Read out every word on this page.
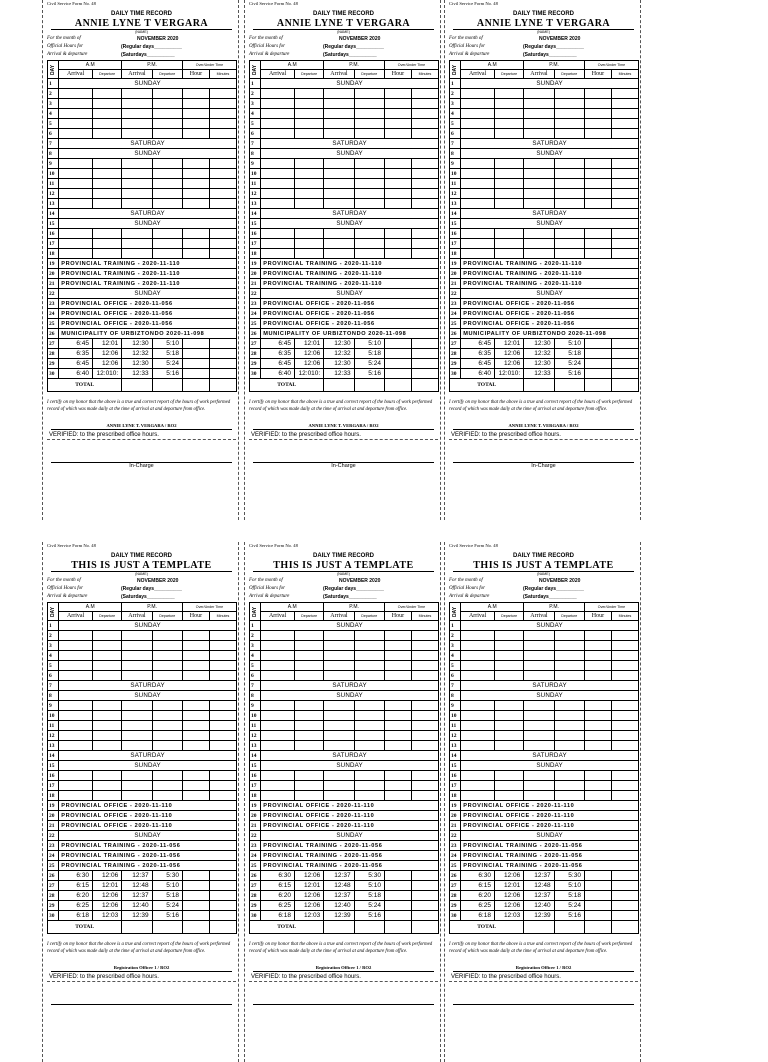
Civil Service Form No. 48
DAILY TIME RECORD
ANNIE LYNE T VERGARA
(NAME)
For the month of	NOVEMBER 2020
Official Hours for	(Regular days__________
Arrival & departure	(Saturdays__________
DAY	A.M		P.M.		Over/Under Time	
	Arrival	Departure	Arrival	Departure	Hour	Minutes
1	SUNDAY					
2						
3						
4						
5						
6						
7	SATURDAY					
8	SUNDAY					
9						
10						
11						
12						
13						
14	SATURDAY					
15	SUNDAY					
16						
17						
18						
19	PROVINCIAL TRAINING - 2020-11-110					
20	PROVINCIAL TRAINING - 2020-11-110					
21	PROVINCIAL TRAINING - 2020-11-110					
22	SUNDAY					
23	PROVINCIAL OFFICE - 2020-11-056					
24	PROVINCIAL OFFICE - 2020-11-056					
25	PROVINCIAL OFFICE - 2020-11-056					
26	MUNICIPALITY OF URBIZTONDO 2020-11-098					
27	6:45	12:01	12:30	5:10		
28	6:35	12:06	12:32	5:18		
29	6:45	12:06	12:30	5:24		
30	6:40	12:010:	12:33	5:16		
TOTAL						
I certify on my honor that the above is a true and correct report of the hours of work performed record of which was made daily at the time of arrival at and departure from office.
ANNIE LYNE T. VERGARA / RO2
VERIFIED: to the prescribed office hours.
In-Charge
Civil Service Form No. 48
DAILY TIME RECORD
ANNIE LYNE T VERGARA
(NAME)
For the month of	NOVEMBER 2020
Official Hours for	(Regular days__________
Arrival & departure	(Saturdays__________
DAY	A.M		P.M.		Over/Under Time	
	Arrival	Departure	Arrival	Departure	Hour	Minutes
1	SUNDAY					
2						
3						
4						
5						
6						
7	SATURDAY					
8	SUNDAY					
9						
10						
11						
12						
13						
14	SATURDAY					
15	SUNDAY					
16						
17						
18						
19	PROVINCIAL TRAINING - 2020-11-110					
20	PROVINCIAL TRAINING - 2020-11-110					
21	PROVINCIAL TRAINING - 2020-11-110					
22	SUNDAY					
23	PROVINCIAL OFFICE - 2020-11-056					
24	PROVINCIAL OFFICE - 2020-11-056					
25	PROVINCIAL OFFICE - 2020-11-056					
26	MUNICIPALITY OF URBIZTONDO 2020-11-098					
27	6:45	12:01	12:30	5:10		
28	6:35	12:06	12:32	5:18		
29	6:45	12:06	12:30	5:24		
30	6:40	12:010:	12:33	5:16		
TOTAL						
I certify on my honor that the above is a true and correct report of the hours of work performed record of which was made daily at the time of arrival at and departure from office.
ANNIE LYNE T. VERGARA / RO2
VERIFIED: to the prescribed office hours.
In-Charge
Civil Service Form No. 48
DAILY TIME RECORD
ANNIE LYNE T VERGARA
(NAME)
For the month of	NOVEMBER 2020
Official Hours for	(Regular days__________
Arrival & departure	(Saturdays__________
DAY	A.M		P.M.		Over/Under Time	
	Arrival	Departure	Arrival	Departure	Hour	Minutes
1	SUNDAY					
2						
3						
4						
5						
6						
7	SATURDAY					
8	SUNDAY					
9						
10						
11						
12						
13						
14	SATURDAY					
15	SUNDAY					
16						
17						
18						
19	PROVINCIAL TRAINING - 2020-11-110					
20	PROVINCIAL TRAINING - 2020-11-110					
21	PROVINCIAL TRAINING - 2020-11-110					
22	SUNDAY					
23	PROVINCIAL OFFICE - 2020-11-056					
24	PROVINCIAL OFFICE - 2020-11-056					
25	PROVINCIAL OFFICE - 2020-11-056					
26	MUNICIPALITY OF URBIZTONDO 2020-11-098					
27	6:45	12:01	12:30	5:10		
28	6:35	12:06	12:32	5:18		
29	6:45	12:06	12:30	5:24		
30	6:40	12:010:	12:33	5:16		
TOTAL						
I certify on my honor that the above is a true and correct report of the hours of work performed record of which was made daily at the time of arrival at and departure from office.
ANNIE LYNE T. VERGARA / RO2
VERIFIED: to the prescribed office hours.
In-Charge
Civil Service Form No. 48
DAILY TIME RECORD
THIS IS JUST A TEMPLATE
(NAME)
For the month of	NOVEMBER 2020
Official Hours for	(Regular days__________
Arrival & departure	(Saturdays__________
DAY	A.M		P.M.		Over/Under Time	
	Arrival	Departure	Arrival	Departure	Hour	Minutes
1	SUNDAY					
2						
3						
4						
5						
6						
7	SATURDAY					
8	SUNDAY					
9						
10						
11						
12						
13						
14	SATURDAY					
15	SUNDAY					
16						
17						
18						
19	PROVINCIAL OFFICE - 2020-11-110					
20	PROVINCIAL OFFICE - 2020-11-110					
21	PROVINCIAL OFFICE - 2020-11-110					
22	SUNDAY					
23	PROVINCIAL TRAINING - 2020-11-056					
24	PROVINCIAL TRAINING - 2020-11-056					
25	PROVINCIAL TRAINING - 2020-11-056					
26	6:30	12:06	12:37	5:30		
27	6:15	12:01	12:48	5:10		
28	6:20	12:06	12:37	5:18		
29	6:25	12:06	12:40	5:24		
30	6:18	12:03	12:39	5:16		
TOTAL						
I certify on my honor that the above is a true and correct report of the hours of work performed record of which was made daily at the time of arrival at and departure from office.
Registration Officer 1 / RO2
VERIFIED: to the prescribed office hours.
Civil Service Form No. 48
DAILY TIME RECORD
THIS IS JUST A TEMPLATE
(NAME)
For the month of	NOVEMBER 2020
Official Hours for	(Regular days__________
Arrival & departure	(Saturdays__________
DAY	A.M		P.M.		Over/Under Time	
	Arrival	Departure	Arrival	Departure	Hour	Minutes
1	SUNDAY					
2						
3						
4						
5						
6						
7	SATURDAY					
8	SUNDAY					
9						
10						
11						
12						
13						
14	SATURDAY					
15	SUNDAY					
16						
17						
18						
19	PROVINCIAL OFFICE - 2020-11-110					
20	PROVINCIAL OFFICE - 2020-11-110					
21	PROVINCIAL OFFICE - 2020-11-110					
22	SUNDAY					
23	PROVINCIAL TRAINING - 2020-11-056					
24	PROVINCIAL TRAINING - 2020-11-056					
25	PROVINCIAL TRAINING - 2020-11-056					
26	6:30	12:06	12:37	5:30		
27	6:15	12:01	12:48	5:10		
28	6:20	12:06	12:37	5:18		
29	6:25	12:06	12:40	5:24		
30	6:18	12:03	12:39	5:16		
TOTAL						
I certify on my honor that the above is a true and correct report of the hours of work performed record of which was made daily at the time of arrival at and departure from office.
Registration Officer 1 / RO2
VERIFIED: to the prescribed office hours.
Civil Service Form No. 48
DAILY TIME RECORD
THIS IS JUST A TEMPLATE
(NAME)
For the month of	NOVEMBER 2020
Official Hours for	(Regular days__________
Arrival & departure	(Saturdays__________
DAY	A.M		P.M.		Over/Under Time	
	Arrival	Departure	Arrival	Departure	Hour	Minutes
1	SUNDAY					
2						
3						
4						
5						
6						
7	SATURDAY					
8	SUNDAY					
9						
10						
11						
12						
13						
14	SATURDAY					
15	SUNDAY					
16						
17						
18						
19	PROVINCIAL OFFICE - 2020-11-110					
20	PROVINCIAL OFFICE - 2020-11-110					
21	PROVINCIAL OFFICE - 2020-11-110					
22	SUNDAY					
23	PROVINCIAL TRAINING - 2020-11-056					
24	PROVINCIAL TRAINING - 2020-11-056					
25	PROVINCIAL TRAINING - 2020-11-056					
26	6:30	12:06	12:37	5:30		
27	6:15	12:01	12:48	5:10		
28	6:20	12:06	12:37	5:18		
29	6:25	12:06	12:40	5:24		
30	6:18	12:03	12:39	5:16		
TOTAL						
I certify on my honor that the above is a true and correct report of the hours of work performed record of which was made daily at the time of arrival at and departure from office.
Registration Officer 1 / RO2
VERIFIED: to the prescribed office hours.
